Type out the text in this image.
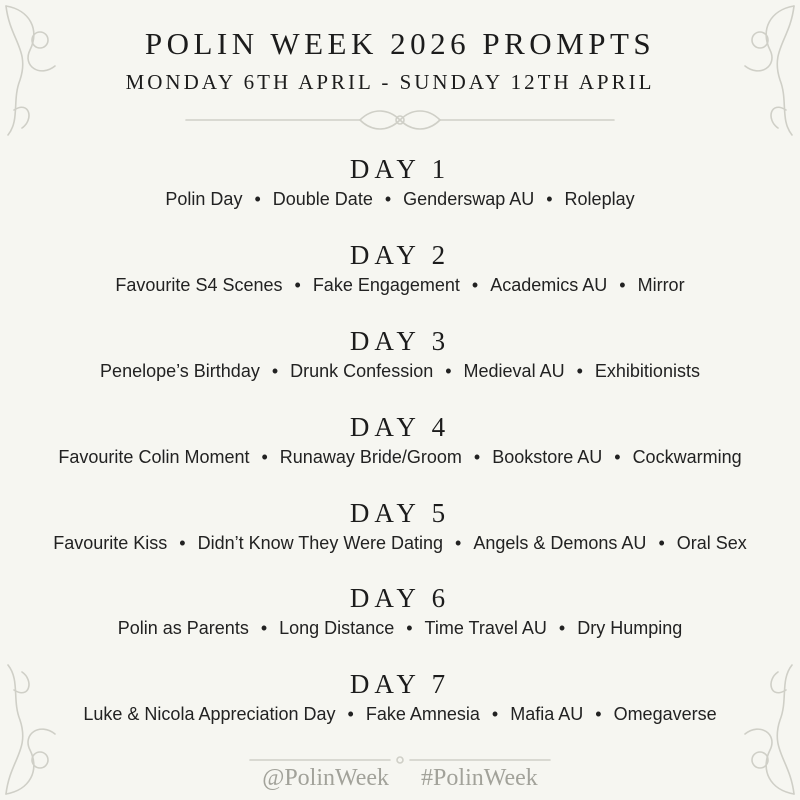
POLIN WEEK 2026 PROMPTS
MONDAY 6TH APRIL - SUNDAY 12TH APRIL
DAY 1
Polin Day • Double Date • Genderswap AU • Roleplay
DAY 2
Favourite S4 Scenes • Fake Engagement • Academics AU • Mirror
DAY 3
Penelope’s Birthday • Drunk Confession • Medieval AU • Exhibitionists
DAY 4
Favourite Colin Moment • Runaway Bride/Groom • Bookstore AU • Cockwarming
DAY 5
Favourite Kiss • Didn’t Know They Were Dating • Angels & Demons AU • Oral Sex
DAY 6
Polin as Parents • Long Distance • Time Travel AU • Dry Humping
DAY 7
Luke & Nicola Appreciation Day • Fake Amnesia • Mafia AU • Omegaverse
@PolinWeek #PolinWeek
